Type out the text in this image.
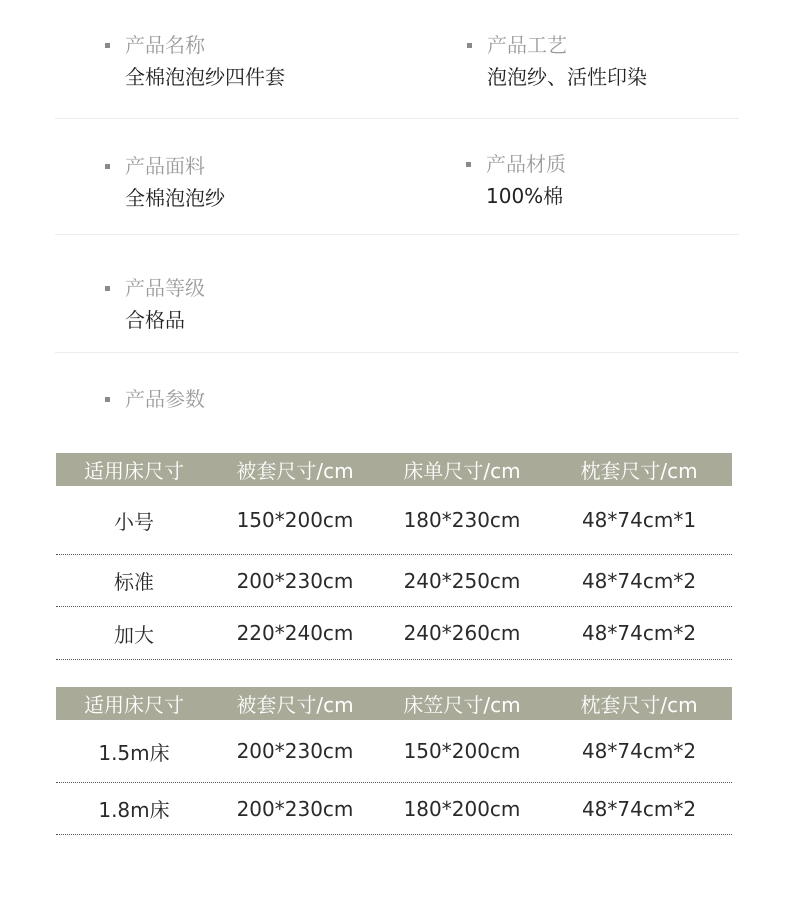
产品名称
全棉泡泡纱四件套
产品工艺
泡泡纱、活性印染
产品面料
全棉泡泡纱
产品材质
100%棉
产品等级
合格品
产品参数
适用床尺寸	被套尺寸/cm	床单尺寸/cm	枕套尺寸/cm
小号	150*200cm	180*230cm	48*74cm*1
标准	200*230cm	240*250cm	48*74cm*2
加大	220*240cm	240*260cm	48*74cm*2
适用床尺寸	被套尺寸/cm	床笠尺寸/cm	枕套尺寸/cm
1.5m床	200*230cm	150*200cm	48*74cm*2
1.8m床	200*230cm	180*200cm	48*74cm*2
